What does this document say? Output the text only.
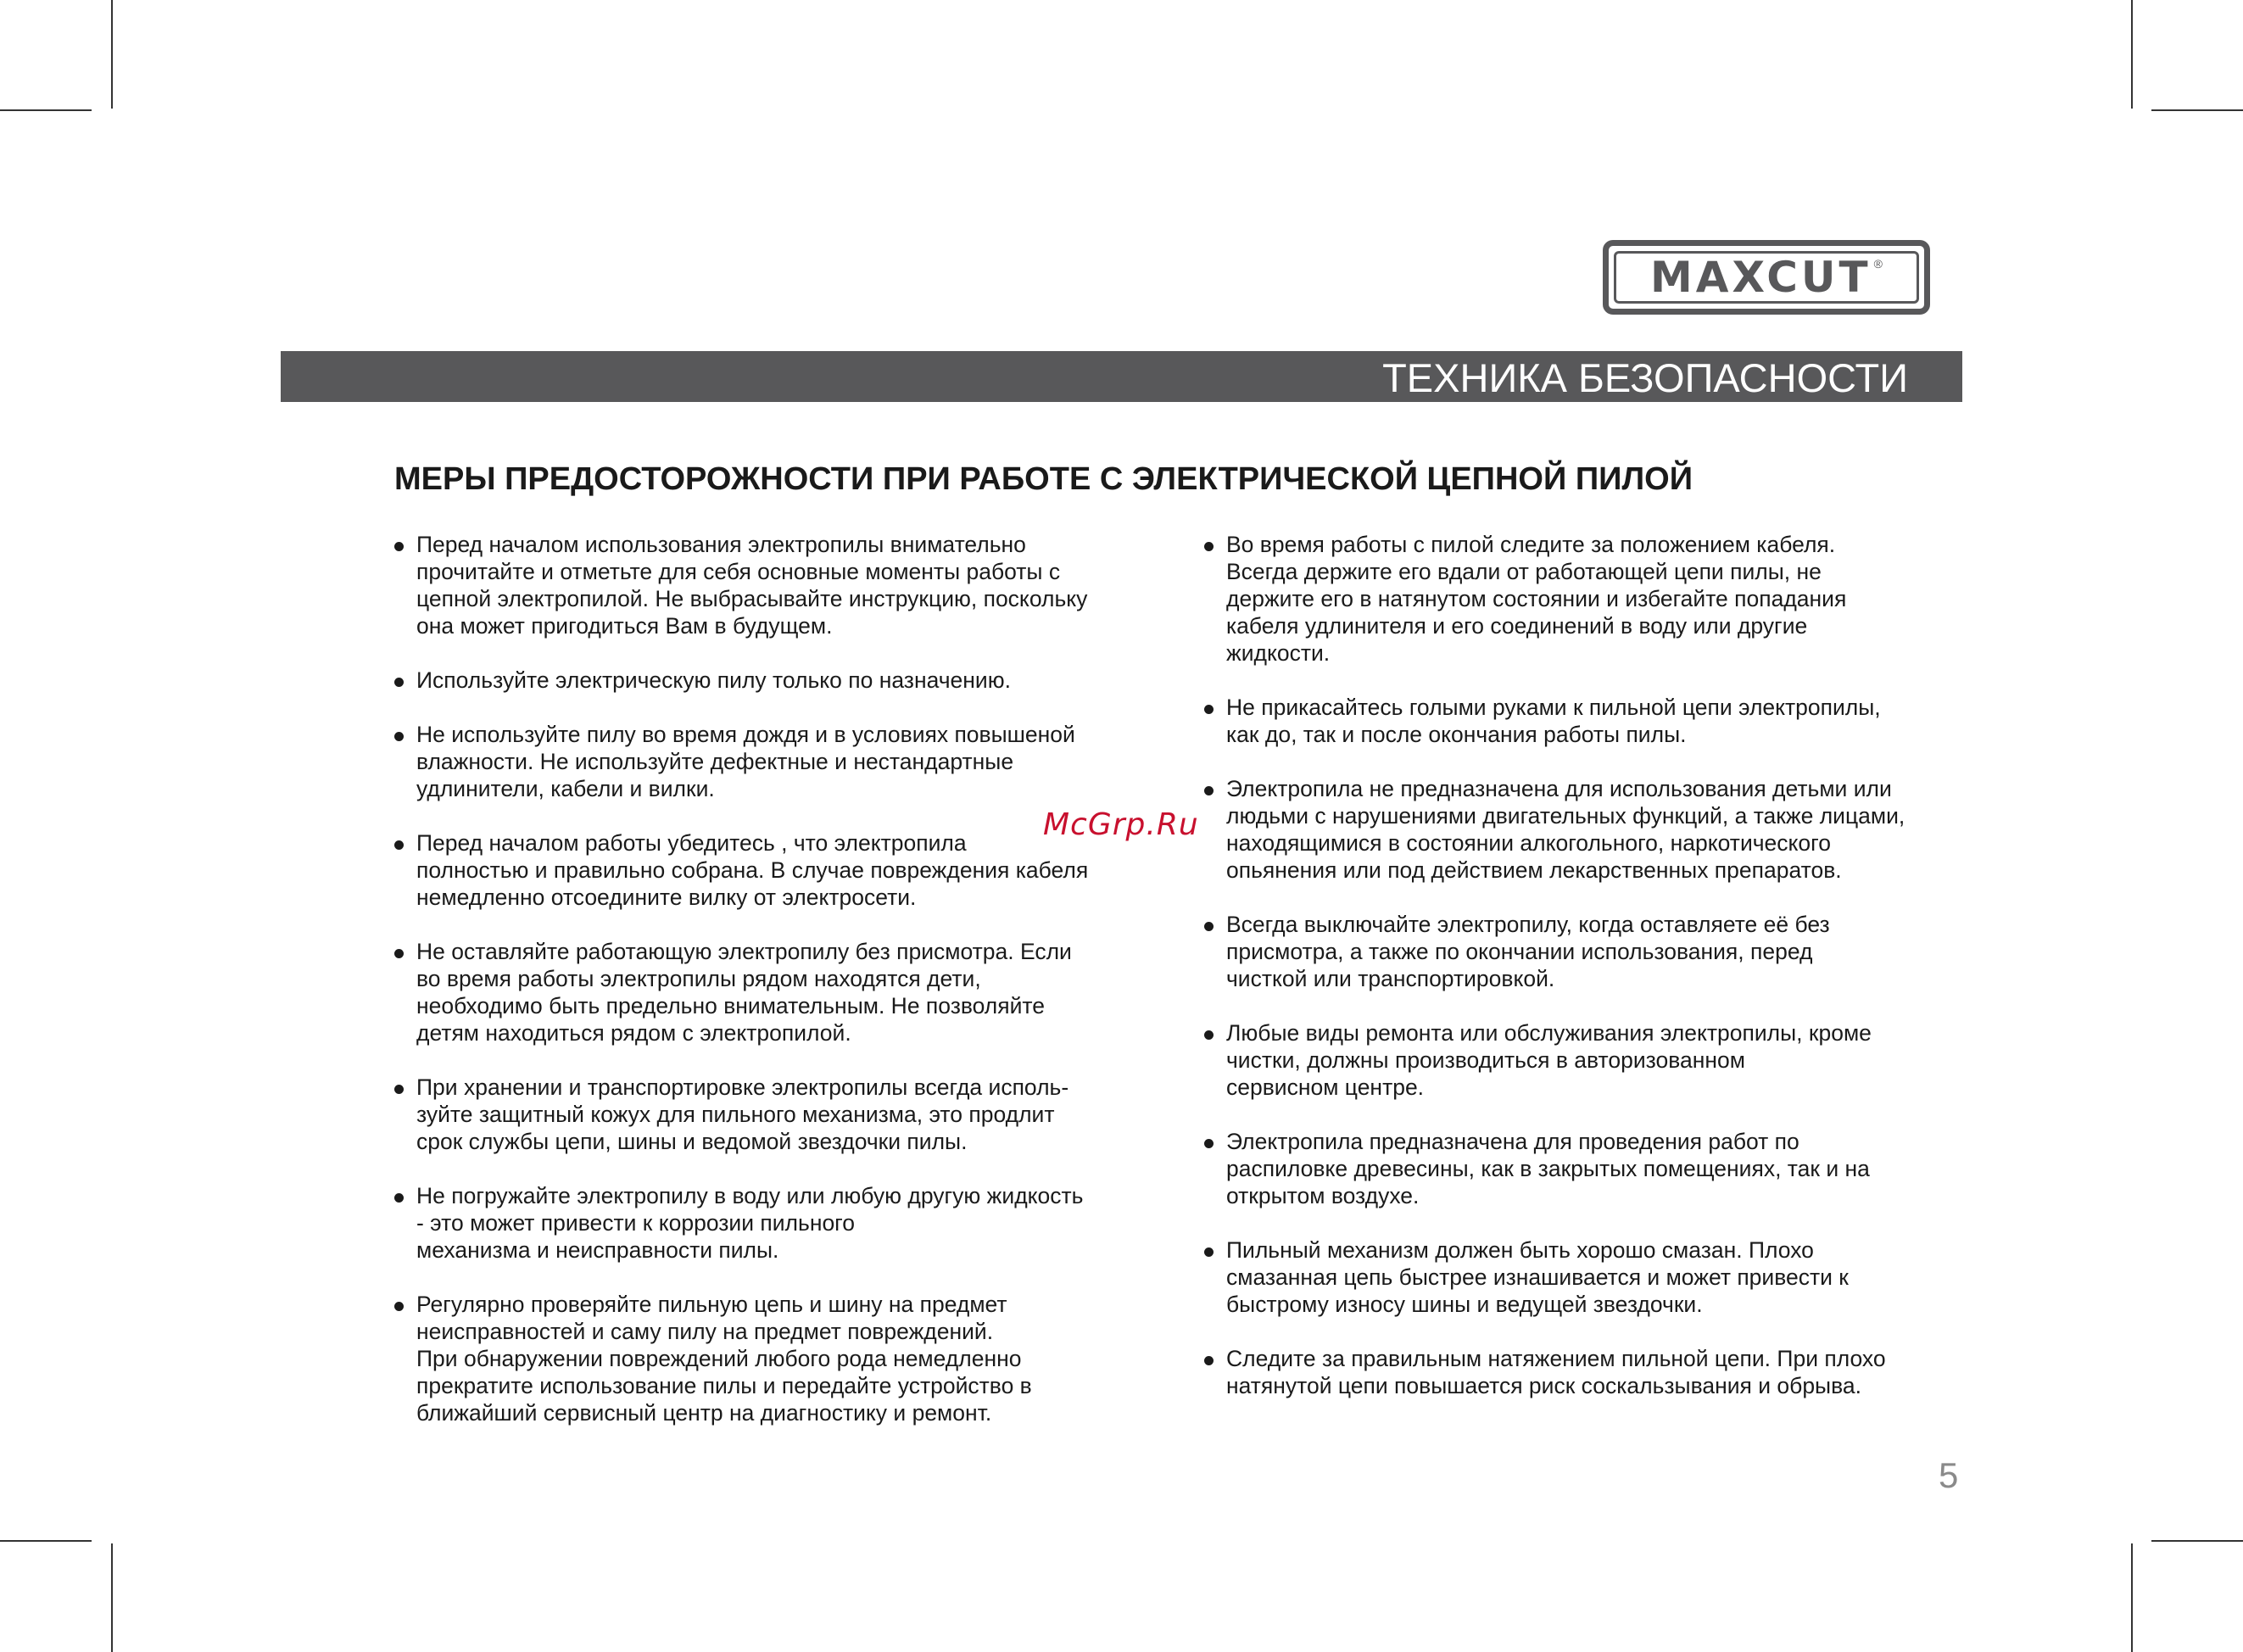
MAXCUT ®
ТЕХНИКА БЕЗОПАСНОСТИ
МЕРЫ ПРЕДОСТОРОЖНОСТИ ПРИ РАБОТЕ С ЭЛЕКТРИЧЕСКОЙ ЦЕПНОЙ ПИЛОЙ
Перед началом использования электропилы внимательно
прочитайте и отметьте для себя основные моменты работы с
цепной электропилой. Не выбрасывайте инструкцию, поскольку
она может пригодиться Вам в будущем.
Используйте электрическую пилу только по назначению.
Не используйте пилу во время дождя и в условиях повышеной
влажности. Не используйте дефектные и нестандартные
удлинители, кабели и вилки.
Перед началом работы убедитесь , что электропила
полностью и правильно собрана. В случае повреждения кабеля
немедленно отсоедините вилку от электросети.
Не оставляйте работающую электропилу без присмотра. Если
во время работы электропилы рядом находятся дети,
необходимо быть предельно внимательным. Не позволяйте
детям находиться рядом с электропилой.
При хранении и транспортировке электропилы всегда исполь-
зуйте защитный кожух для пильного механизма, это продлит
срок службы цепи, шины и ведомой звездочки пилы.
Не погружайте электропилу в воду или любую другую жидкость
- это может привести к коррозии пильного
механизма и неисправности пилы.
Регулярно проверяйте пильную цепь и шину на предмет
неисправностей и саму пилу на предмет повреждений.
При обнаружении повреждений любого рода немедленно
прекратите использование пилы и передайте устройство в
ближайший сервисный центр на диагностику и ремонт.
Во время работы с пилой следите за положением кабеля.
Всегда держите его вдали от работающей цепи пилы, не
держите его в натянутом состоянии и избегайте попадания
кабеля удлинителя и его соединений в воду или другие
жидкости.
Не прикасайтесь голыми руками к пильной цепи электропилы,
как до, так и после окончания работы пилы.
Электропила не предназначена для использования детьми или
людьми с нарушениями двигательных функций, а также лицами,
находящимися в состоянии алкогольного, наркотического
опьянения или под действием лекарственных препаратов.
Всегда выключайте электропилу, когда оставляете её без
присмотра, а также по окончании использования, перед
чисткой или транспортировкой.
Любые виды ремонта или обслуживания электропилы, кроме
чистки, должны производиться в авторизованном
сервисном центре.
Электропила предназначена для проведения работ по
распиловке древесины, как в закрытых помещениях, так и на
открытом воздухе.
Пильный механизм должен быть хорошо смазан. Плохо
смазанная цепь быстрее изнашивается и может привести к
быстрому износу шины и ведущей звездочки.
Следите за правильным натяжением пильной цепи. При плохо
натянутой цепи повышается риск соскальзывания и обрыва.
McGrp.Ru
5
